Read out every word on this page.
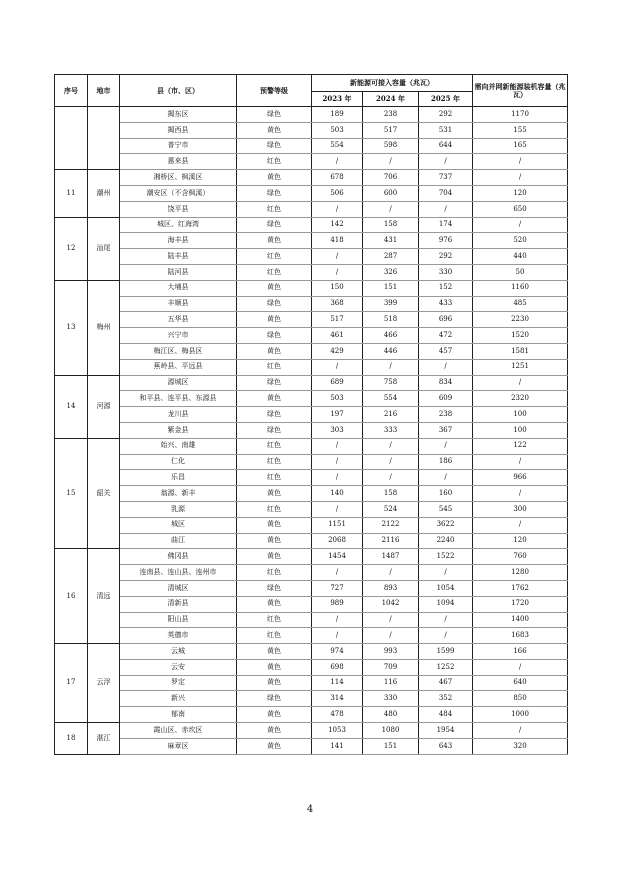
序号	地市	县（市、区）	预警等级	新能源可接入容量（兆瓦）			需向并网新能源装机容量（兆瓦）
				2023 年	2024 年	2025 年	
		揭东区	绿色	189	238	292	1170
		揭西县	黄色	503	517	531	155
		普宁市	绿色	554	598	644	165
		惠来县	红色	/	/	/	/
11	潮州	湘桥区、枫溪区	黄色	678	706	737	/
		潮安区（不含枫溪）	绿色	506	600	704	120
		饶平县	红色	/	/	/	650
12	汕尾	城区、红海湾	绿色	142	158	174	/
		海丰县	黄色	418	431	976	520
		陆丰县	红色	/	287	292	440
		陆河县	红色	/	326	330	50
13	梅州	大埔县	黄色	150	151	152	1160
		丰顺县	绿色	368	399	433	485
		五华县	黄色	517	518	696	2230
		兴宁市	绿色	461	466	472	1520
		梅江区、梅县区	黄色	429	446	457	1581
		蕉岭县、平远县	红色	/	/	/	1251
14	河源	源城区	绿色	689	758	834	/
		和平县、连平县、东源县	黄色	503	554	609	2320
		龙川县	绿色	197	216	238	100
		紫金县	绿色	303	333	367	100
15	韶关	始兴、南雄	红色	/	/	/	122
		仁化	红色	/	/	186	/
		乐昌	红色	/	/	/	966
		翁源、新丰	黄色	140	158	160	/
		乳源	红色	/	524	545	300
		城区	黄色	1151	2122	3622	/
		曲江	黄色	2068	2116	2240	120
16	清远	佛冈县	黄色	1454	1487	1522	760
		连南县、连山县、连州市	红色	/	/	/	1280
		清城区	绿色	727	893	1054	1762
		清新县	黄色	989	1042	1094	1720
		阳山县	红色	/	/	/	1400
		英德市	红色	/	/	/	1683
17	云浮	云城	黄色	974	993	1599	166
		云安	黄色	698	709	1252	/
		罗定	黄色	114	116	467	640
		新兴	绿色	314	330	352	850
		郁南	黄色	478	480	484	1000
18	湛江	霞山区、赤坎区	黄色	1053	1080	1954	/
		麻章区	黄色	141	151	643	320
4
